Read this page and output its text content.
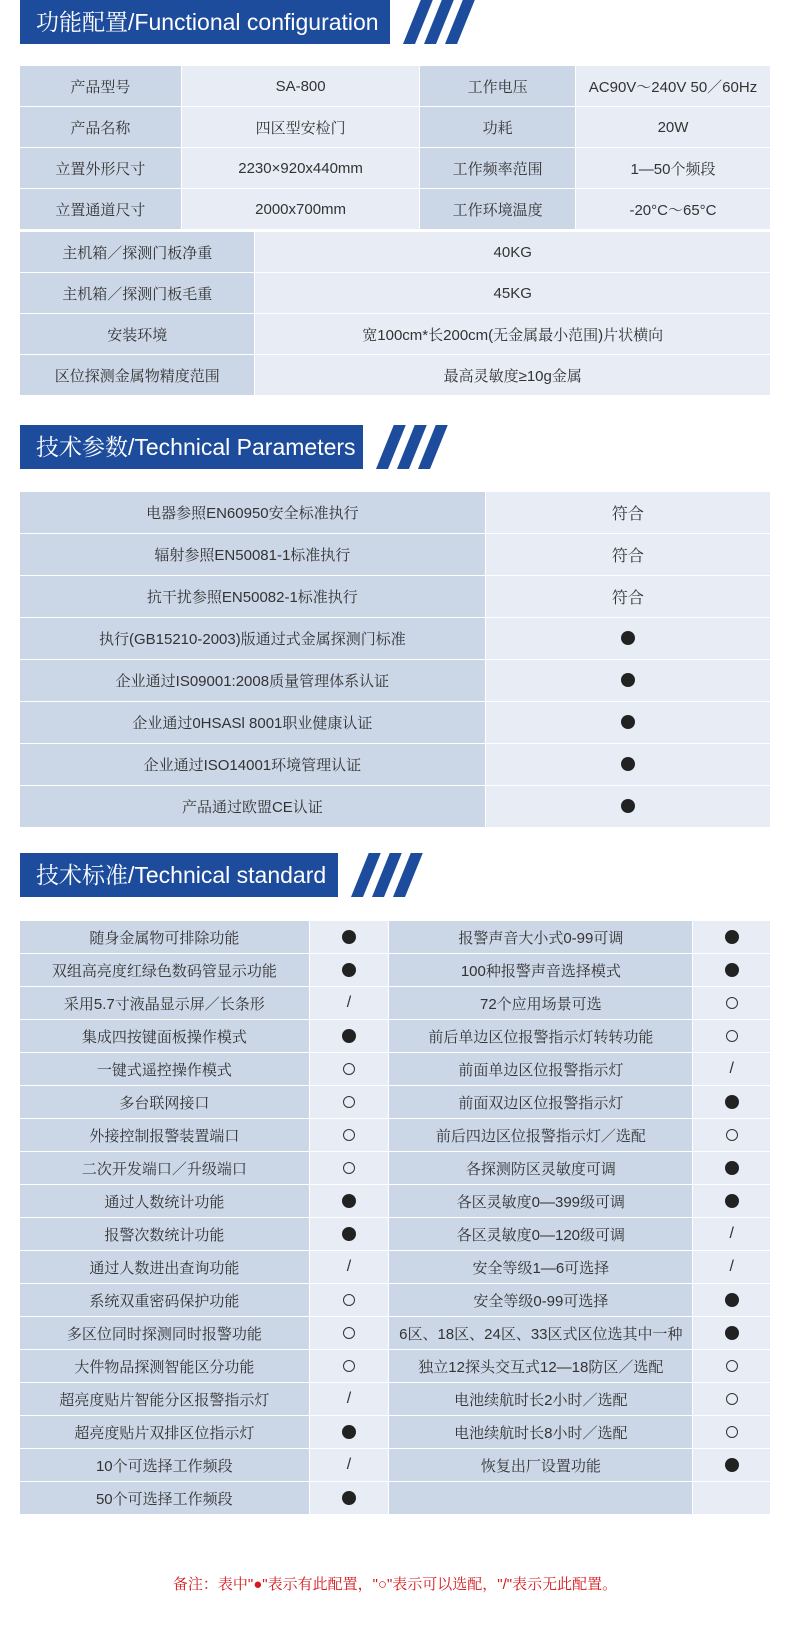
功能配置/Functional configuration
产品型号	SA-800	工作电压	AC90V～240V 50／60Hz
产品名称	四区型安检门	功耗	20W
立置外形尺寸	2230×920x440mm	工作频率范围	1—50个频段
立置通道尺寸	2000x700mm	工作环境温度	-20°C～65°C
主机箱／探测门板净重	40KG
主机箱／探测门板毛重	45KG
安装环境	宽100cm*长200cm(无金属最小范围)片状横向
区位探测金属物精度范围	最高灵敏度≥10g金属
技术参数/Technical Parameters
电器参照EN60950安全标准执行	符合
辐射参照EN50081-1标准执行	符合
抗干扰参照EN50082-1标准执行	符合
执行(GB15210-2003)版通过式金属探测门标准	
企业通过IS09001:2008质量管理体系认证	
企业通过0HSASl 8001职业健康认证	
企业通过ISO14001环境管理认证	
产品通过欧盟CE认证	
技术标准/Technical standard
随身金属物可排除功能		报警声音大小式0-99可调	
双组高亮度红绿色数码管显示功能		100种报警声音选择模式	
采用5.7寸液晶显示屏／长条形	/	72个应用场景可选	
集成四按键面板操作模式		前后单边区位报警指示灯转转功能	
一键式遥控操作模式		前面单边区位报警指示灯	/
多台联网接口		前面双边区位报警指示灯	
外接控制报警装置端口		前后四边区位报警指示灯／选配	
二次开发端口／升级端口		各探测防区灵敏度可调	
通过人数统计功能		各区灵敏度0—399级可调	
报警次数统计功能		各区灵敏度0—120级可调	/
通过人数进出查询功能	/	安全等级1—6可选择	/
系统双重密码保护功能		安全等级0-99可选择	
多区位同时探测同时报警功能		6区、18区、24区、33区式区位选其中一种	
大件物品探测智能区分功能		独立12探头交互式12—18防区／选配	
超亮度贴片智能分区报警指示灯	/	电池续航时长2小时／选配	
超亮度贴片双排区位指示灯		电池续航时长8小时／选配	
10个可选择工作频段	/	恢复出厂设置功能	
50个可选择工作频段			
备注：表中"●"表示有此配置，"○"表示可以选配，"/"表示无此配置。
